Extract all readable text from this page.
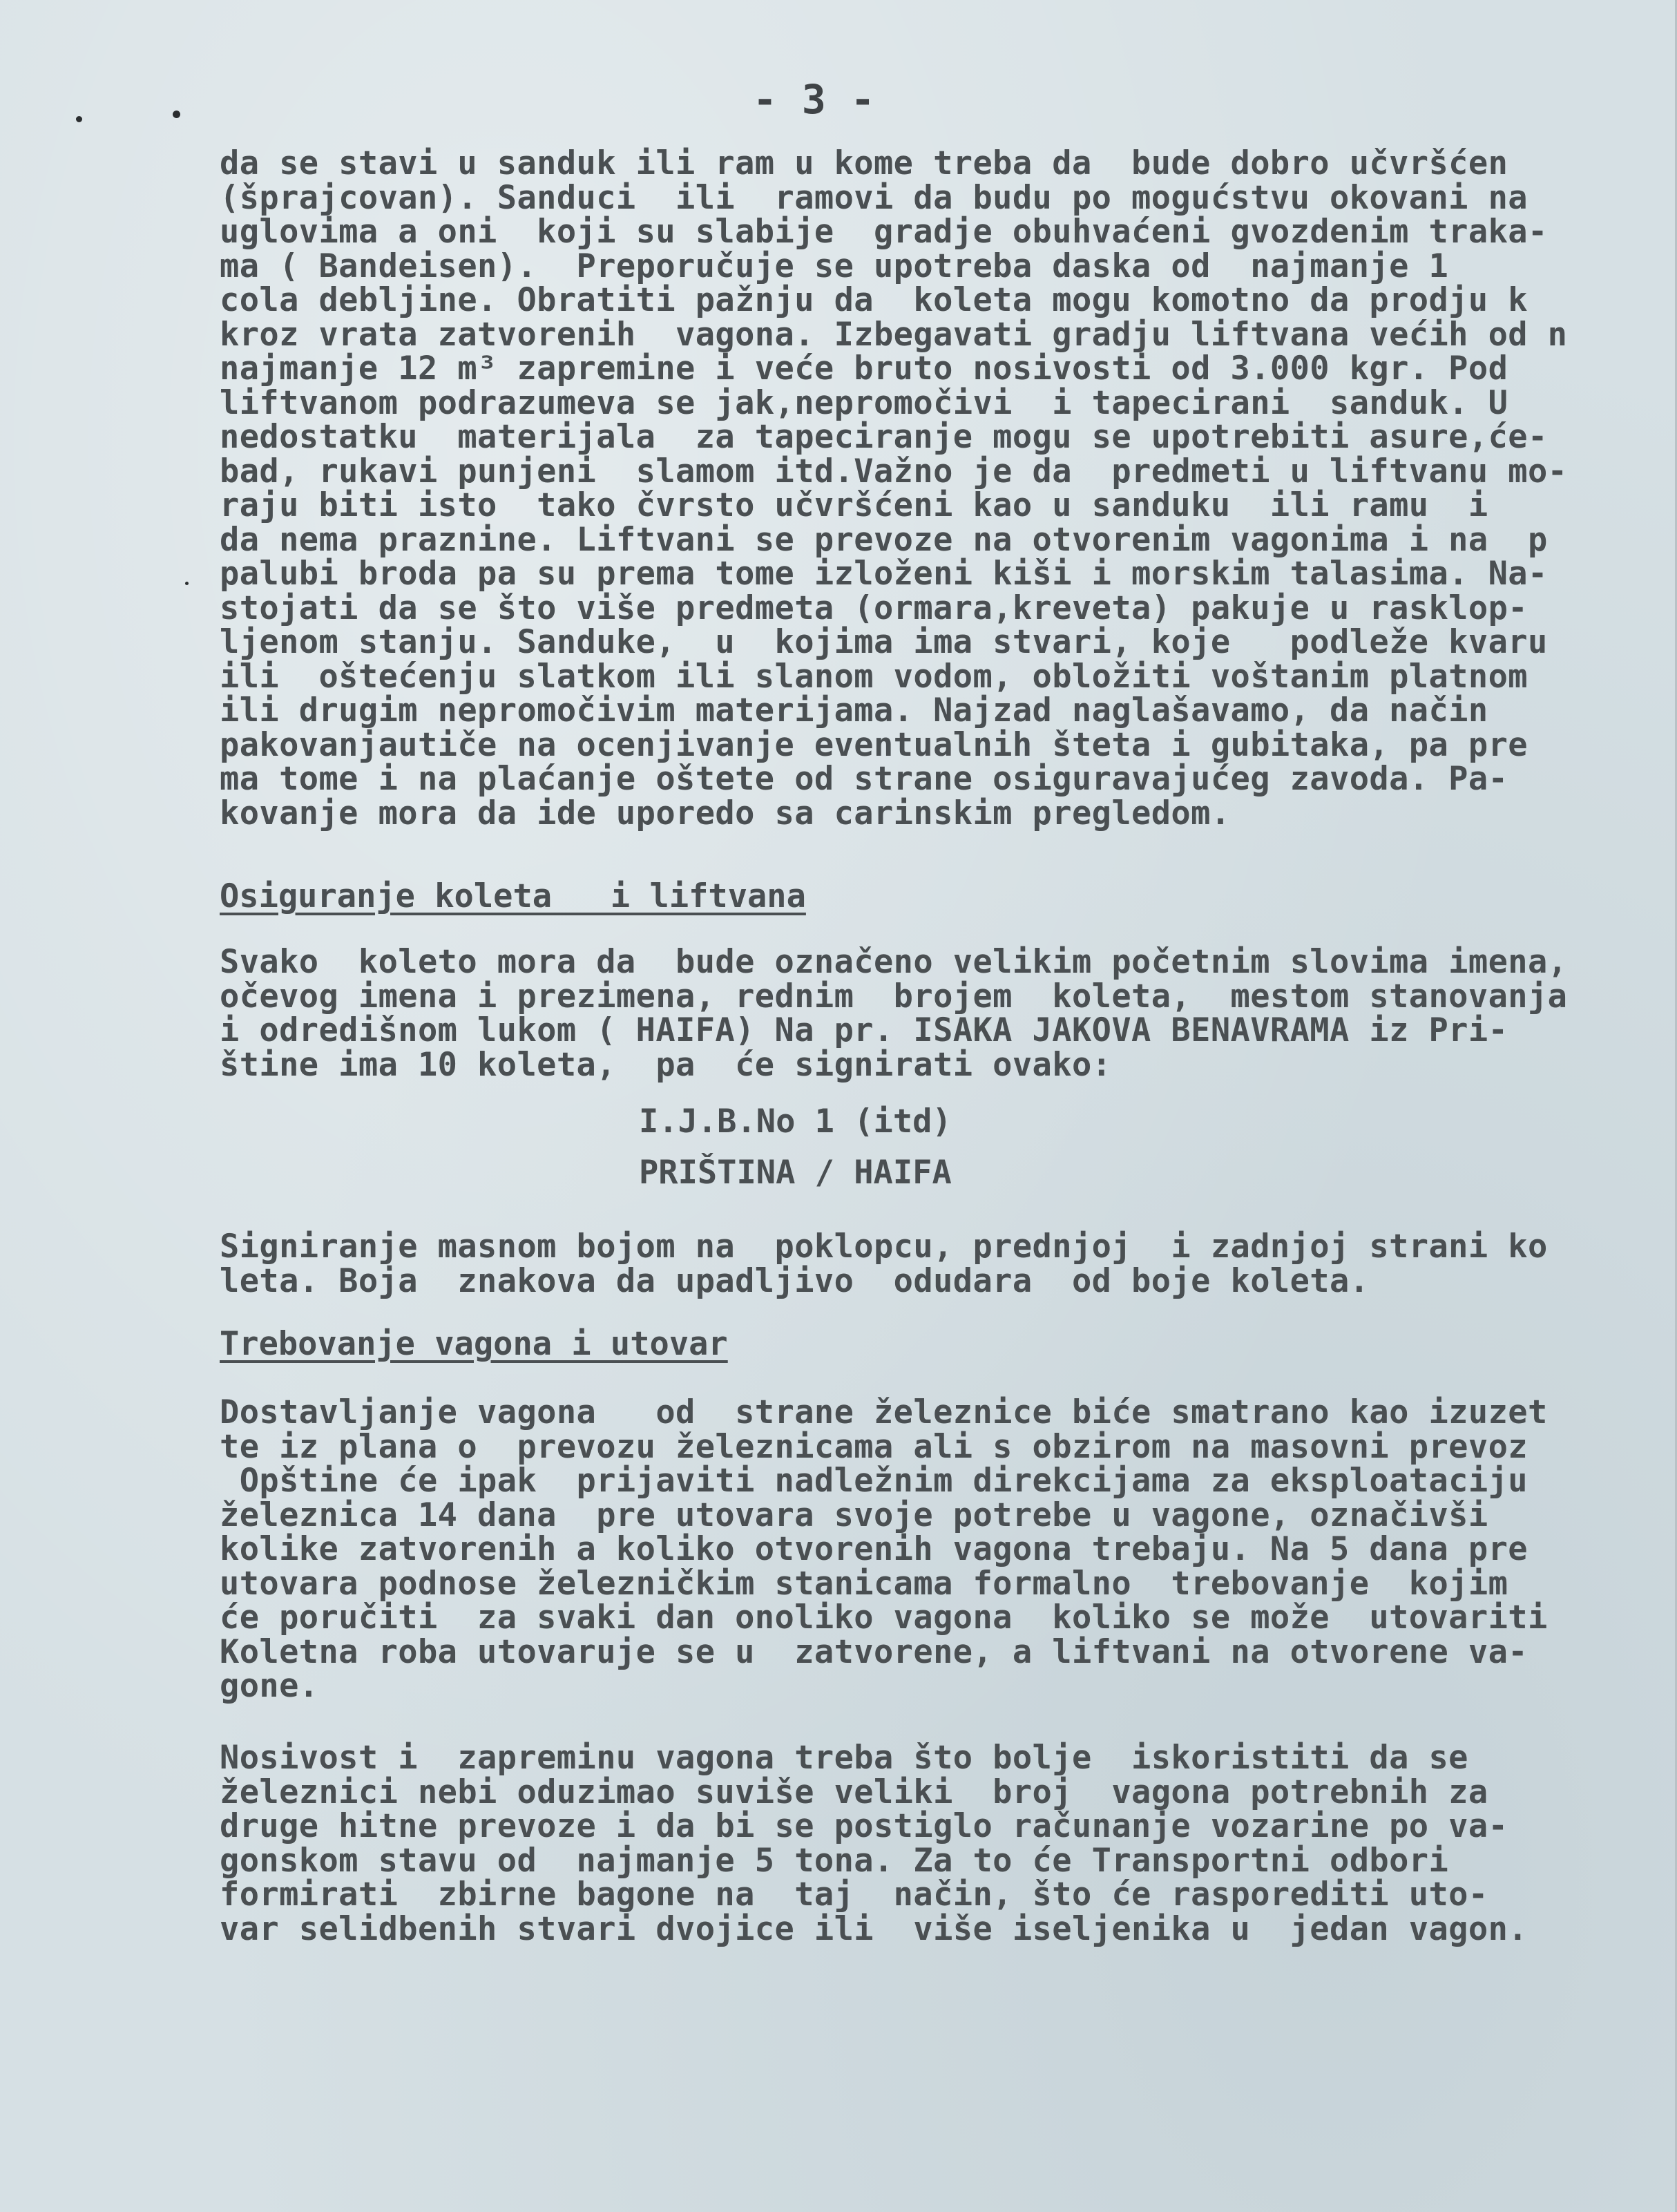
- 3 -
da se stavi u sanduk ili ram u kome treba da  bude dobro učvršćen
(špraјcovan). Sanduci  ili  ramovi da budu po mogućstvu okovani na
uglovima a oni  koji su slabije  gradje obuhvaćeni gvozdenim traka-
ma ( Bandeisen).  Preporučuje se upotreba daska od  najmanje 1
cola debljine. Obratiti pažnju da  koleta mogu komotno da prodju k
kroz vrata zatvorenih  vagona. Izbegavati gradju liftvana većih od n
najmanje 12 m³ zapremine i veće bruto nosivosti od 3.000 kgr. Pod
liftvanom podrazumeva se jak,nepromočivi  i tapecirani  sanduk. U
nedostatku  materijala  za tapeciranje mogu se upotrebiti asure,će-
bad, rukavi punjeni  slamom itd.Važno je da  predmeti u liftvanu mo-
raju biti isto  tako čvrsto učvršćeni kao u sanduku  ili ramu  i
da nema praznine. Liftvani se prevoze na otvorenim vagonima i na  p
palubi broda pa su prema tome izloženi kiši i morskim talasima. Na-
stojati da se što više predmeta (ormara,kreveta) pakuje u rasklop-
ljenom stanju. Sanduke,  u  kojima ima stvari, koje   podleže kvaru
ili  oštećenju slatkom ili slanom vodom, obložiti voštanim platnom
ili drugim nepromočivim materijama. Najzad naglašavamo, da način
pakovanjautiče na ocenjivanje eventualnih šteta i gubitaka, pa pre
ma tome i na plaćanje oštete od strane osiguravajućeg zavoda. Pa-
kovanje mora da ide uporedo sa carinskim pregledom.
Osiguranje koleta   i liftvana
Svako  koleto mora da  bude označeno velikim početnim slovima imena,
očevog imena i prezimena, rednim  brojem  koleta,  mestom stanovanja
i odredišnom lukom ( HAIFA) Na pr. ISAKA JAKOVA BENAVRAMA iz Pri-
štine ima 10 koleta,  pa  će signirati ovako:
I.J.B.No 1 (itd)
PRIŠTINA / HAIFA
Signiranje masnom bojom na  poklopcu, prednjoj  i zadnjoj strani ko
leta. Boja  znakova da upadljivo  odudara  od boje koleta.
Trebovanje vagona i utovar
Dostavljanje vagona   od  strane železnice biće smatrano kao izuzet
te iz plana o  prevozu železnicama ali s obzirom na masovni prevoz
Opštine će ipak  prijaviti nadležnim direkcijama za eksploataciju
železnica 14 dana  pre utovara svoje potrebe u vagone, označivši
kolike zatvorenih a koliko otvorenih vagona trebaju. Na 5 dana pre
utovara podnose železničkim stanicama formalno  trebovanje  kojim
će poručiti  za svaki dan onoliko vagona  koliko se može  utovariti
Koletna roba utovaruje se u  zatvorene, a liftvani na otvorene va-
gone.
Nosivost i  zapreminu vagona treba što bolje  iskoristiti da se
železnici nebi oduzimao suviše veliki  broj  vagona potrebnih za
druge hitne prevoze i da bi se postiglo računanje vozarine po va-
gonskom stavu od  najmanje 5 tona. Za to će Transportni odbori
formirati  zbirne bagone na  taj  način, što će rasporediti uto-
var selidbenih stvari dvojice ili  više iseljenika u  jedan vagon.
